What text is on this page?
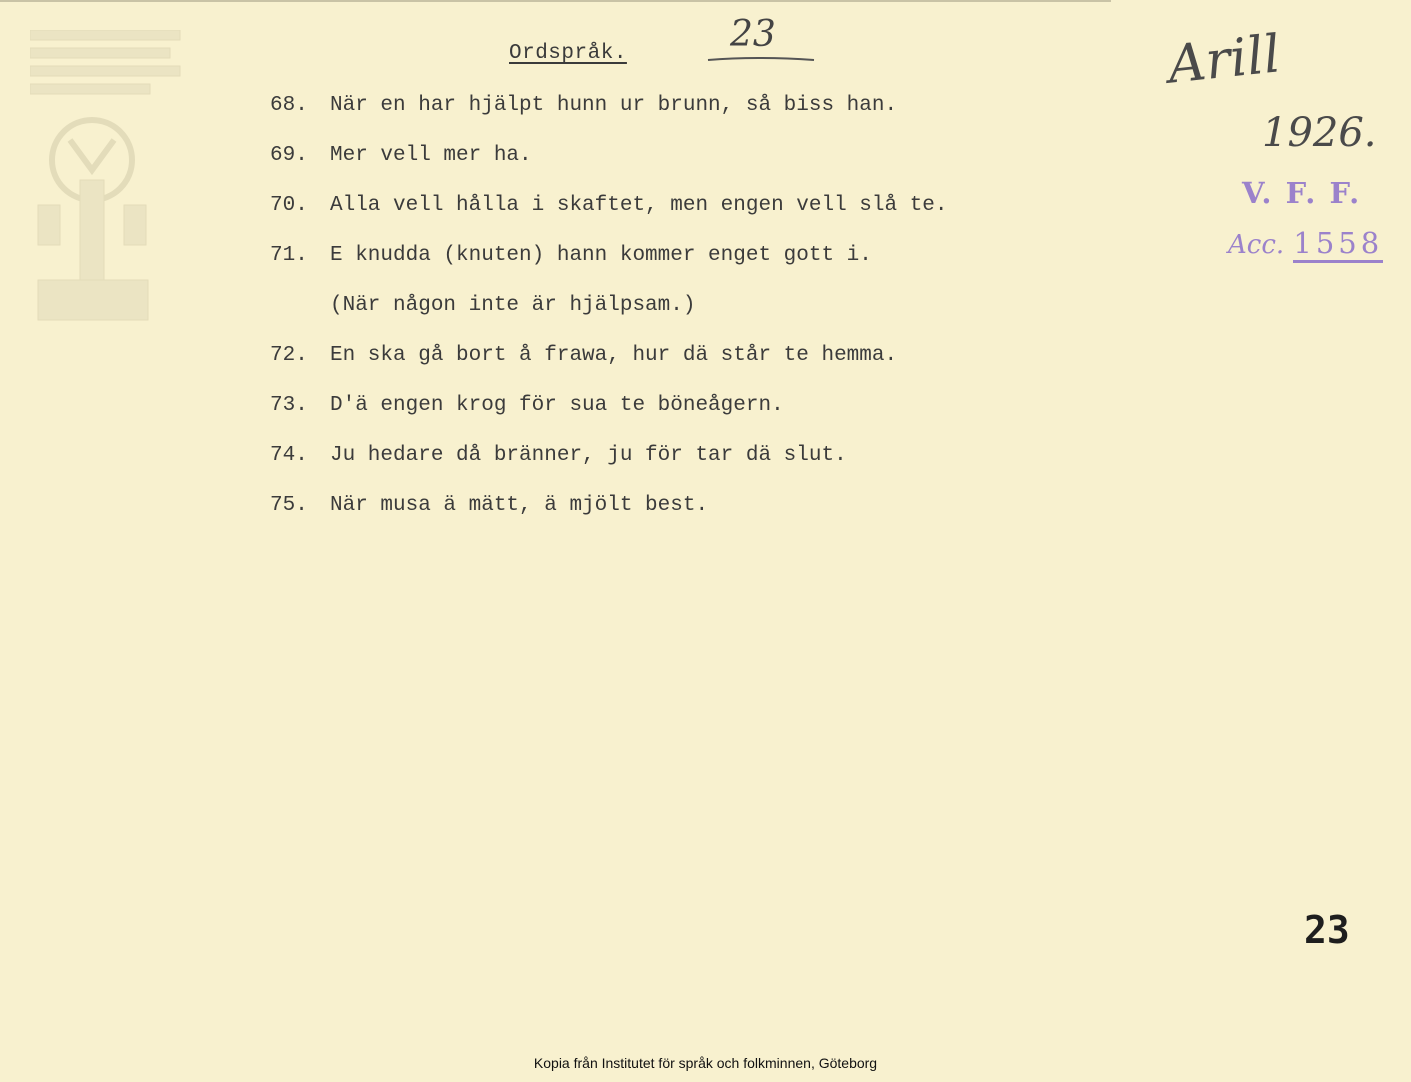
Ordspråk.	23	Arill
1926.
V. F. F.
Acc. 1558
68. När en har hjälpt hunn ur brunn, så biss han.
69. Mer vell mer ha.
70. Alla vell hålla i skaftet, men engen vell slå te.
71. E knudda (knuten) hann kommer enget gott i.
(När någon inte är hjälpsam.)
72. En ska gå bort å frawa, hur dä står te hemma.
73. D'ä engen krog för sua te böneågern.
74. Ju hedare då bränner, ju för tar dä slut.
75. När musa ä mätt, ä mjölt best.
23
Kopia från Institutet för språk och folkminnen, Göteborg
